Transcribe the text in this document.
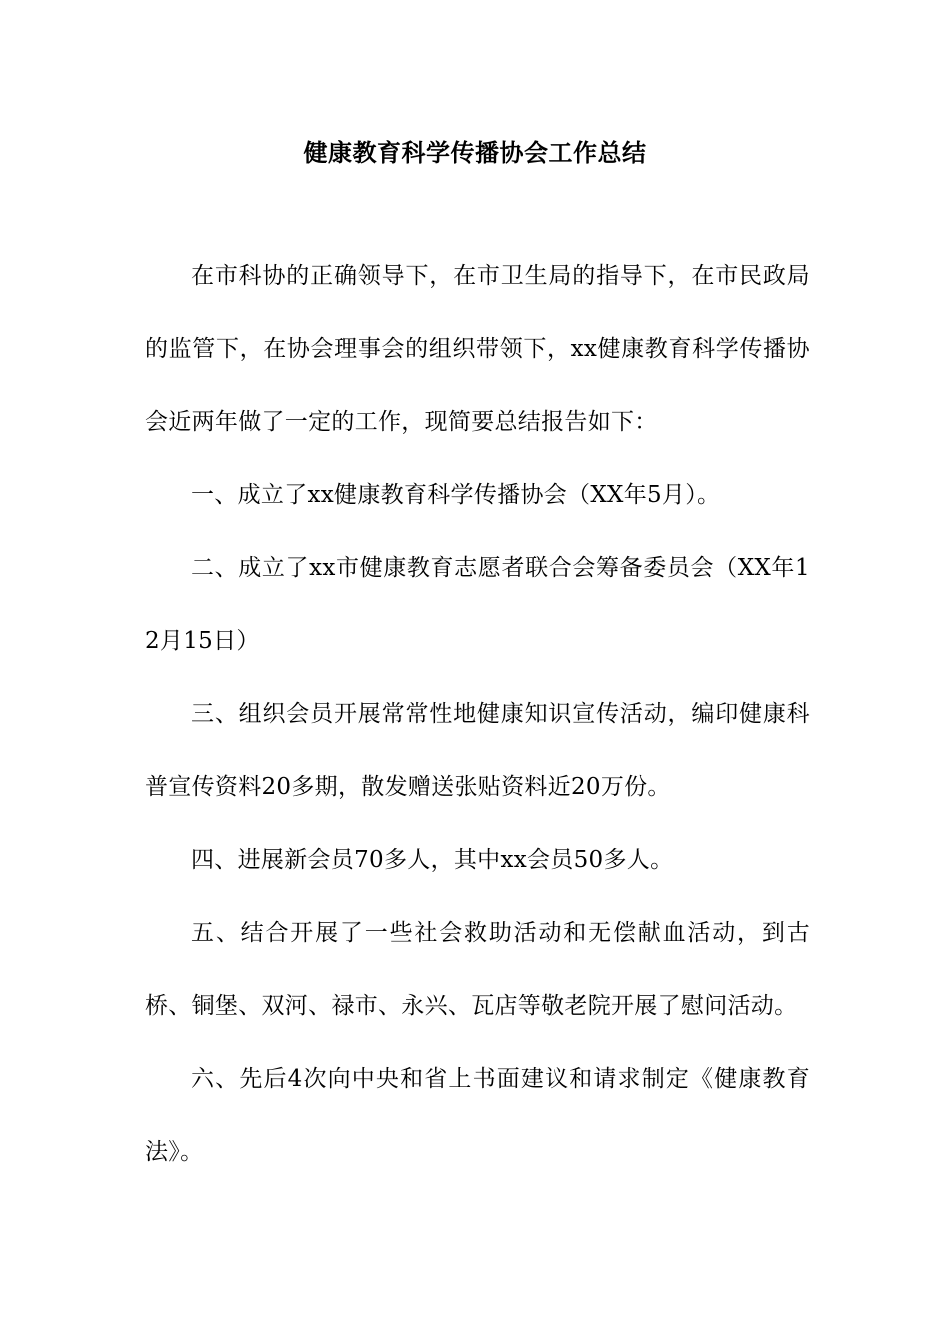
健康教育科学传播协会工作总结

在市科协的正确领导下，在市卫生局的指导下，在市民政局的监管下，在协会理事会的组织带领下，xx健康教育科学传播协会近两年做了一定的工作，现简要总结报告如下：

一、成立了xx健康教育科学传播协会（XX年5月）。

二、成立了xx市健康教育志愿者联合会筹备委员会（XX年12月15日）

三、组织会员开展常常性地健康知识宣传活动，编印健康科普宣传资料20多期，散发赠送张贴资料近20万份。

四、进展新会员70多人，其中xx会员50多人。

五、结合开展了一些社会救助活动和无偿献血活动，到古桥、铜堡、双河、禄市、永兴、瓦店等敬老院开展了慰问活动。

六、先后4次向中央和省上书面建议和请求制定《健康教育法》。
